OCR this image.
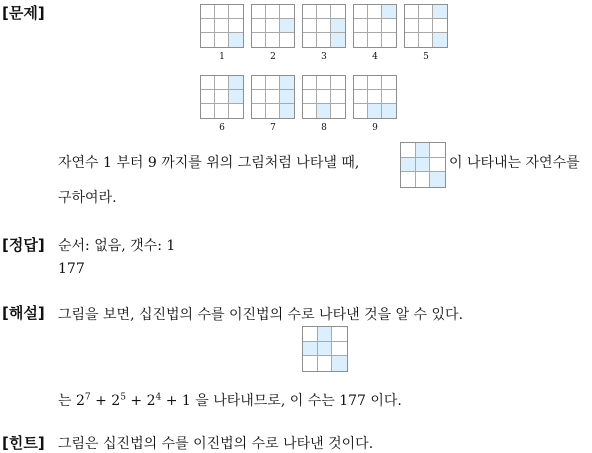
[문제]
[정답]
[해설]
[힌트]
1	2	3	4	5
6	7	8	9
자연수 1 부터 9 까지를 위의 그림처럼 나타낼 때,	이 나타내는 자연수를
구하여라.
순서: 없음, 갯수: 1
177
그림을 보면, 십진법의 수를 이진법의 수로 나타낸 것을 알 수 있다.
는 $2^7 + 2^5 + 2^4 + 1$ 을 나타내므로, 이 수는 177 이다.
그림은 십진법의 수를 이진법의 수로 나타낸 것이다.
